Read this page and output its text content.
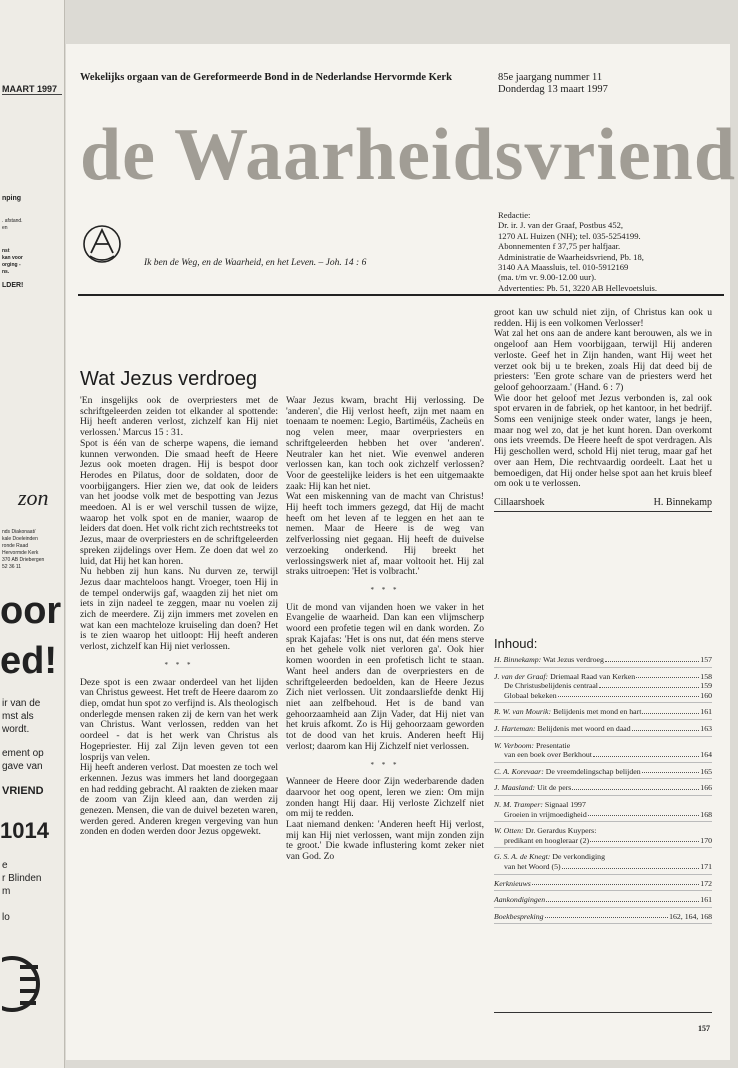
MAART 1997
nping
. afstand.
en
nst
kan voor
orging -
ns.
LDER!
zon
nds Diakonaat/
kale Doeleinden
ronde Raad
Hervormde Kerk
370 AB Driebergen
52 36 11
oor
ed!
ir van de
mst als
wordt.
ement op
gave van
VRIEND
1014
e
r Blinden
m
lo
Wekelijks orgaan van de Gereformeerde Bond in de Nederlandse Hervormde Kerk	85e jaargang nummer 11
Donderdag 13 maart 1997
de Waarheidsvriend
Ik ben de Weg, en de Waarheid, en het Leven. – Joh. 14 : 6
Redactie:
Dr. ir. J. van der Graaf, Postbus 452,
1270 AL Huizen (NH); tel. 035-5254199.
Abonnementen f 37,75 per halfjaar.
Administratie de Waarheidsvriend, Pb. 18,
3140 AA Maassluis, tel. 010-5912169
(ma. t/m vr. 9.00-12.00 uur).
Advertenties: Pb. 51, 3220 AB Hellevoetsluis.
Wat Jezus verdroeg

'En insgelijks ook de overpriesters met de schriftgeleerden zeiden tot elkander al spottende: Hij heeft anderen verlost, zichzelf kan Hij niet verlossen.' Marcus 15 : 31.

Spot is één van de scherpe wapens, die iemand kunnen verwonden. Die smaad heeft de Heere Jezus ook moeten dragen. Hij is bespot door Herodes en Pilatus, door de soldaten, door de voorbijgangers. Hier zien we, dat ook de leiders van het joodse volk met de bespotting van Jezus meedoen. Al is er wel verschil tussen de wijze, waarop het volk spot en de manier, waarop de leiders dat doen. Het volk richt zich rechtstreeks tot Jezus, maar de overpriesters en de schriftgeleerden spreken zijdelings over Hem. Ze doen dat wel zo luid, dat Hij het kan horen.

Nu hebben zij hun kans. Nu durven ze, terwijl Jezus daar machteloos hangt. Vroeger, toen Hij in de tempel onderwijs gaf, waagden zij het niet om iets in zijn nadeel te zeggen, maar nu voelen zij zich de meerdere. Zij zijn immers met zovelen en wat kan een machteloze kruiseling dan doen? Het is te zien waarop het uitloopt: Hij heeft anderen verlost, zichzelf kan Hij niet verlossen.

* * *

Deze spot is een zwaar onderdeel van het lijden van Christus geweest. Het treft de Heere daarom zo diep, omdat hun spot zo verfijnd is. Als theologisch onderlegde mensen raken zij de kern van het werk van Christus. Want verlossen, redden van het oordeel - dat is het werk van Christus als Hogepriester. Hij zal Zijn leven geven tot een losprijs van velen.

Hij heeft anderen verlost. Dat moesten ze toch wel erkennen. Jezus was immers het land doorgegaan en had redding gebracht. Al raakten de zieken maar de zoom van Zijn kleed aan, dan werden zij genezen. Mensen, die van de duivel bezeten waren, werden gered. Anderen kregen vergeving van hun zonden en doden werden door Jezus opgewekt.

Waar Jezus kwam, bracht Hij verlossing. De 'anderen', die Hij verlost heeft, zijn met naam en toenaam te noemen: Legio, Bartiméüs, Zacheüs en nog velen meer, maar overpriesters en schriftgeleerden hebben het over 'anderen'. Neutraler kan het niet. Wie evenwel anderen verlossen kan, kan toch ook zichzelf verlossen? Voor de geestelijke leiders is het een uitgemaakte zaak: Hij kan het niet.

Wat een miskenning van de macht van Christus! Hij heeft toch immers gezegd, dat Hij de macht heeft om het leven af te leggen en het aan te nemen. Maar de Heere is de weg van zelfverlossing niet gegaan. Hij heeft de duivelse verzoeking onderkend. Hij breekt het verlossingswerk niet af, maar voltooit het. Hij zal straks uitroepen: 'Het is volbracht.'

* * *

Uit de mond van vijanden hoen we vaker in het Evangelie de waarheid. Dan kan een vlijmscherp woord een profetie tegen wil en dank worden. Zo sprak Kajafas: 'Het is ons nut, dat één mens sterve en het gehele volk niet verloren ga'. Ook hier komen woorden in een profetisch licht te staan. Want heel anders dan de overpriesters en de schriftgeleerden bedoelden, kan de Heere Jezus Zich niet verlossen. Uit zondaarsliefde denkt Hij niet aan zelfbehoud. Het is de band van gehoorzaamheid aan Zijn Vader, dat Hij niet van het kruis afkomt. Zo is Hij gehoorzaam geworden tot de dood van het kruis. Anderen heeft Hij verlost; daarom kan Hij Zichzelf niet verlossen.

* * *

Wanneer de Heere door Zijn wederbarende daden daarvoor het oog opent, leren we zien: Om mijn zonden hangt Hij daar. Hij verloste Zichzelf niet om mij te redden.

Laat niemand denken: 'Anderen heeft Hij verlost, mij kan Hij niet verlossen, want mijn zonden zijn te groot.' Die kwade influstering komt zeker niet van God. Zo

groot kan uw schuld niet zijn, of Christus kan ook u redden. Hij is een volkomen Verlosser!

Wat zal het ons aan de andere kant berouwen, als we in ongeloof aan Hem voorbijgaan, terwijl Hij anderen verloste. Geef het in Zijn handen, want Hij weet het verzet ook bij u te breken, zoals Hij dat deed bij de priesters: 'Een grote schare van de priesters werd het geloof gehoorzaam.' (Hand. 6 : 7)

Wie door het geloof met Jezus verbonden is, zal ook spot ervaren in de fabriek, op het kantoor, in het bedrijf. Soms een venijnige steek onder water, langs je heen, maar nog wel zo, dat je het kunt horen. Dan overkomt ons iets vreemds. De Heere heeft de spot verdragen. Als Hij geschollen werd, schold Hij niet terug, maar gaf het over aan Hem, Die rechtvaardig oordeelt. Laat het u bemoedigen, dat Hij onder helse spot aan het kruis bleef om ook u te verlossen.

Cillaarshoek	H. Binnekamp
Inhoud:
H. Binnekamp: Wat Jezus verdroeg	157
J. van der Graaf: Driemaal Raad van Kerken	158
De Christusbelijdenis centraal	159
Globaal bekeken	160
R. W. van Mourik: Belijdenis met mond en hart	161
J. Harteman: Belijdenis met woord en daad	163
W. Verboom: Presentatie
van een boek over Berkhout	164
C. A. Korevaar: De vreemdelingschap belijden	165
J. Maasland: Uit de pers	166
N. M. Tramper: Signaal 1997
Groeien in vrijmoedigheid	168
W. Otten: Dr. Gerardus Kuypers:
predikant en hoogleraar (2)	170
G. S. A. de Knegt: De verkondiging
van het Woord (5)	171
Kerknieuws	172
Aankondigingen	161
Boekbespreking	162, 164, 168
157
